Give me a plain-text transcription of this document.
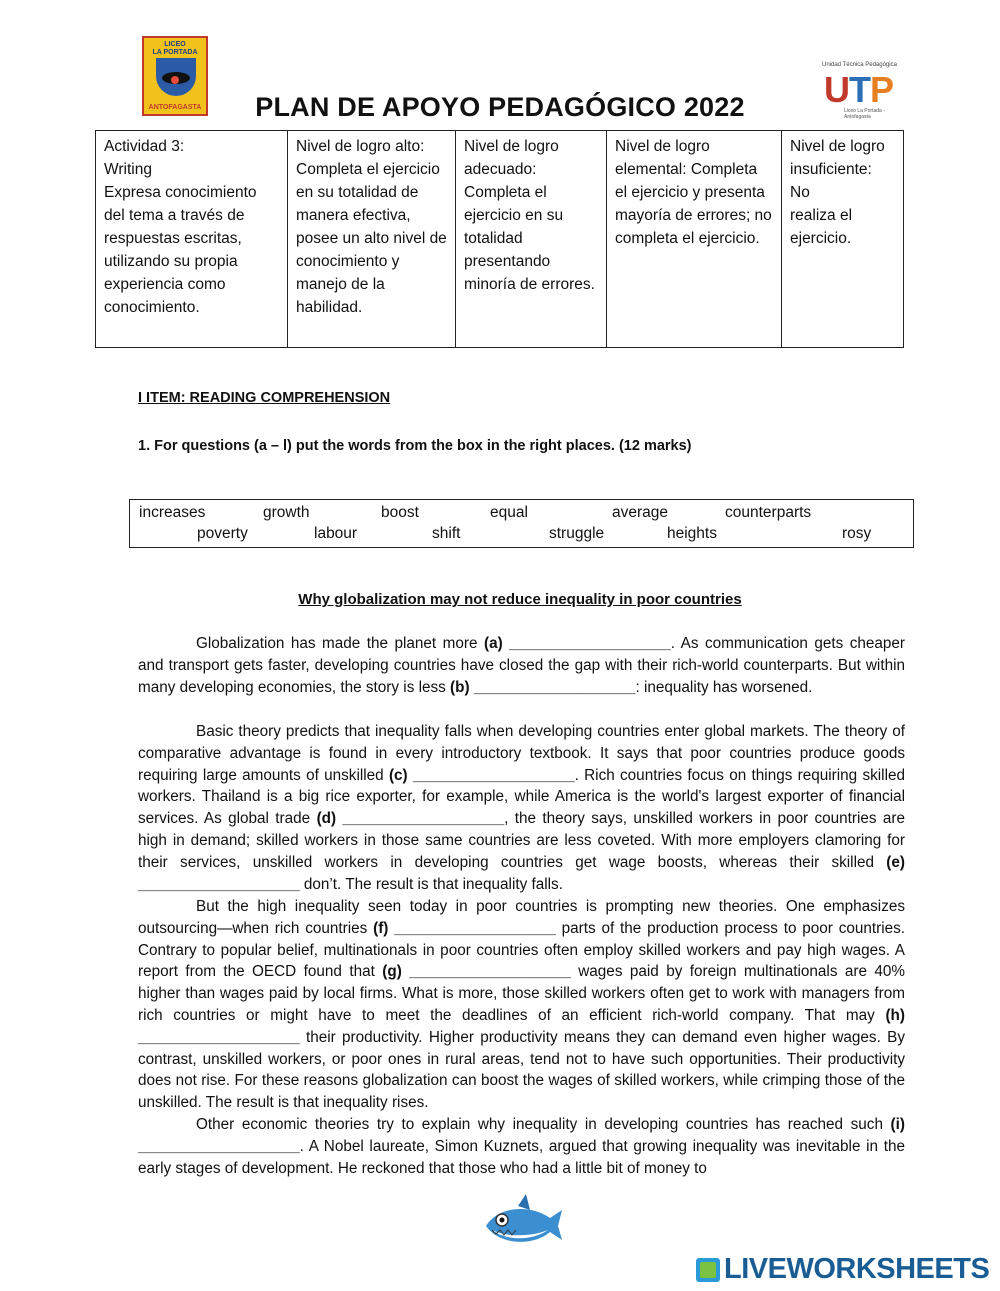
LICEO
LA PORTADA
ANTOFAGASTA	PLAN DE APOYO PEDAGÓGICO 2022
Unidad Técnica Pedagógica
UTP
Liceo La Portada - Antofagasta
Actividad 3:
Writing
Expresa conocimiento del tema a través de respuestas escritas, utilizando su propia experiencia como conocimiento.

Nivel de logro alto: Completa el ejercicio en su totalidad de manera efectiva, posee un alto nivel de conocimiento y manejo de la habilidad.

Nivel de logro adecuado: Completa el ejercicio en su totalidad presentando minoría de errores.

Nivel de logro elemental: Completa el ejercicio y presenta mayoría de errores; no completa el ejercicio.

Nivel de logro insuficiente:
No
realiza el ejercicio.
I ITEM: READING COMPREHENSION
1. For questions (a – l) put the words from the box in the right places. (12 marks)
increases	growth	boost	equal	average	counterparts
poverty	labour	shift	struggle	heights	rosy
Why globalization may not reduce inequality in poor countries

Globalization has made the planet more (a) ___________________. As communication gets cheaper and transport gets faster, developing countries have closed the gap with their rich-world counterparts. But within many developing economies, the story is less (b) ___________________: inequality has worsened.

Basic theory predicts that inequality falls when developing countries enter global markets. The theory of comparative advantage is found in every introductory textbook. It says that poor countries produce goods requiring large amounts of unskilled (c) ___________________. Rich countries focus on things requiring skilled workers. Thailand is a big rice exporter, for example, while America is the world's largest exporter of financial services. As global trade (d) ___________________, the theory says, unskilled workers in poor countries are high in demand; skilled workers in those same countries are less coveted. With more employers clamoring for their services, unskilled workers in developing countries get wage boosts, whereas their skilled (e) ___________________ don’t. The result is that inequality falls.

But the high inequality seen today in poor countries is prompting new theories. One emphasizes outsourcing—when rich countries (f) ___________________ parts of the production process to poor countries. Contrary to popular belief, multinationals in poor countries often employ skilled workers and pay high wages. A report from the OECD found that (g) ___________________ wages paid by foreign multinationals are 40% higher than wages paid by local firms. What is more, those skilled workers often get to work with managers from rich countries or might have to meet the deadlines of an efficient rich-world company. That may (h) ___________________ their productivity. Higher productivity means they can demand even higher wages. By contrast, unskilled workers, or poor ones in rural areas, tend not to have such opportunities. Their productivity does not rise. For these reasons globalization can boost the wages of skilled workers, while crimping those of the unskilled. The result is that inequality rises.

Other economic theories try to explain why inequality in developing countries has reached such (i) ___________________. A Nobel laureate, Simon Kuznets, argued that growing inequality was inevitable in the early stages of development. He reckoned that those who had a little bit of money to

LIVEWORKSHEETS
